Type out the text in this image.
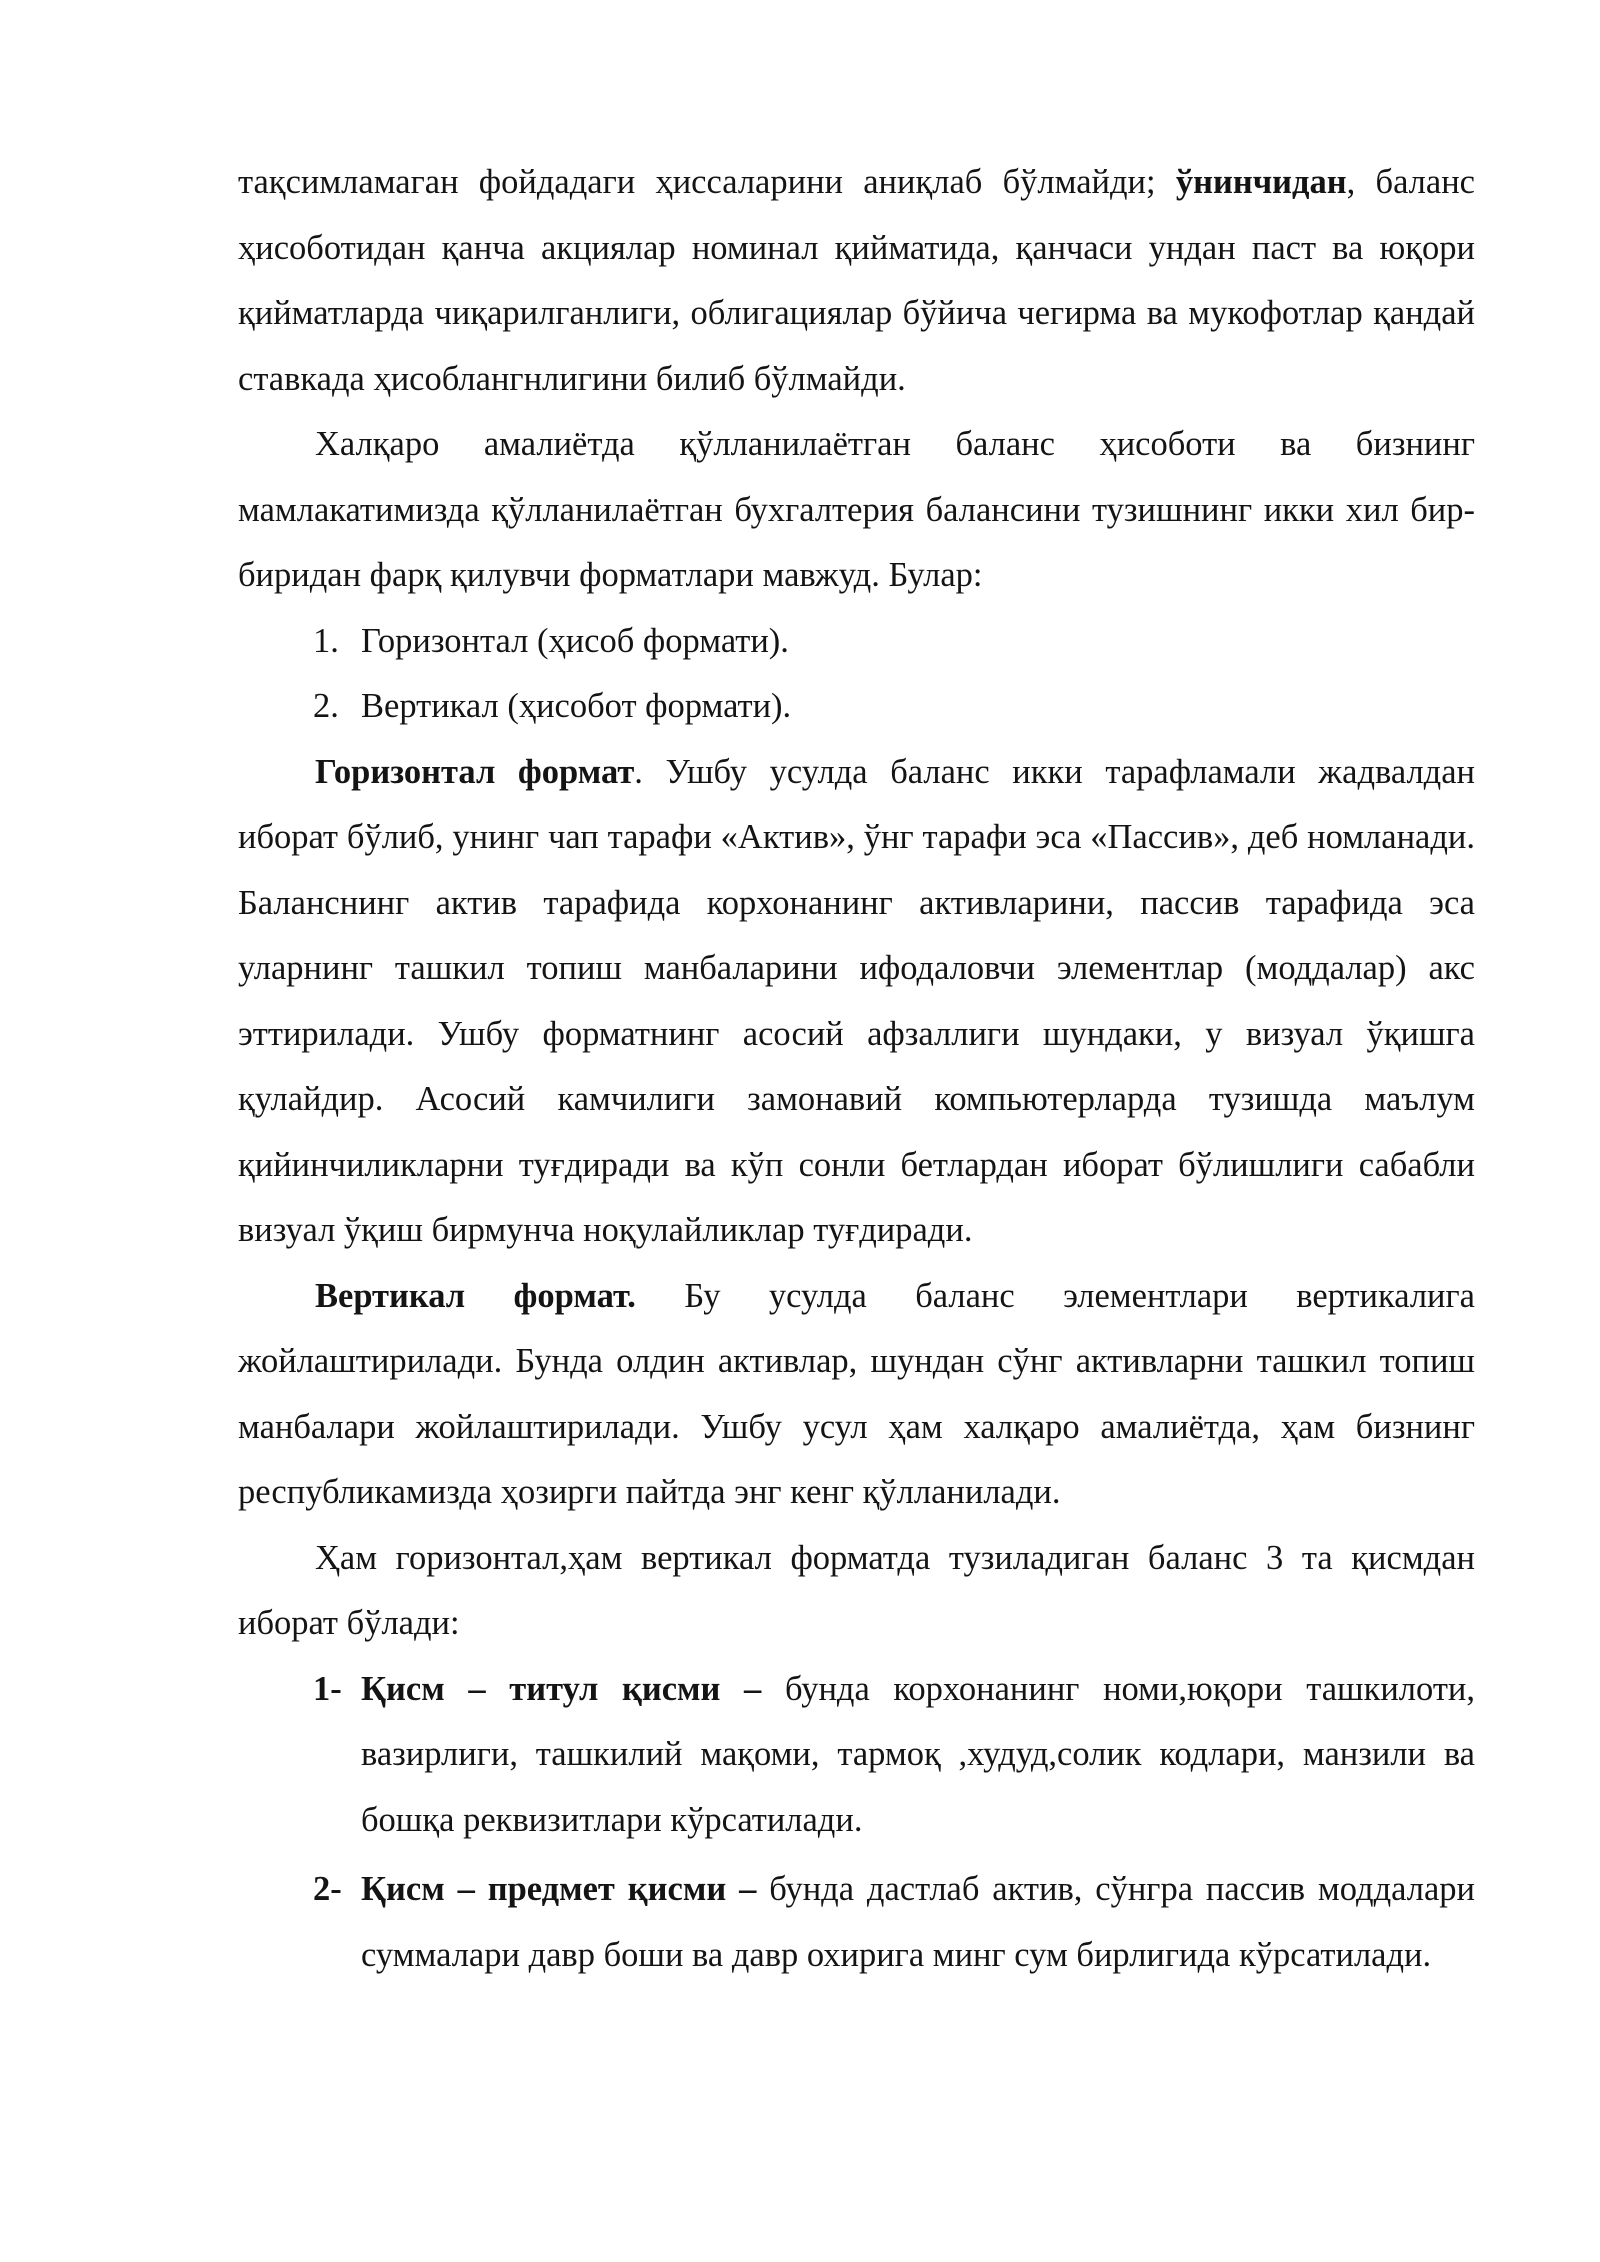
тақсимламаган фойдадаги ҳиссаларини аниқлаб бўлмайди; ўнинчидан, баланс ҳисоботидан қанча акциялар номинал қийматида, қанчаси ундан паст ва юқори қийматларда чиқарилганлиги, облигациялар бўйича чегирма ва мукофотлар қандай ставкада ҳисоблангнлигини билиб бўлмайди.

Халқаро амалиётда қўлланилаётган баланс ҳисоботи ва бизнинг мамлакатимизда қўлланилаётган бухгалтерия балансини тузишнинг икки хил бир-биридан фарқ қилувчи форматлари мавжуд. Булар:

1. Горизонтал (ҳисоб формати).
2. Вертикал (ҳисобот формати).

Горизонтал формат. Ушбу усулда баланс икки тарафламали жадвалдан иборат бўлиб, унинг чап тарафи «Актив», ўнг тарафи эса «Пассив», деб номланади. Баланснинг актив тарафида корхонанинг активларини, пассив тарафида эса уларнинг ташкил топиш манбаларини ифодаловчи элементлар (моддалар) акс эттирилади. Ушбу форматнинг асосий афзаллиги шундаки, у визуал ўқишга қулайдир. Асосий камчилиги замонавий компьютерларда тузишда маълум қийинчиликларни туғдиради ва кўп сонли бетлардан иборат бўлишлиги сабабли визуал ўқиш бирмунча ноқулайликлар туғдиради.

Вертикал формат. Бу усулда баланс элементлари вертикалига жойлаштирилади. Бунда олдин активлар, шундан сўнг активларни ташкил топиш манбалари жойлаштирилади. Ушбу усул ҳам халқаро амалиётда, ҳам бизнинг республикамизда ҳозирги пайтда энг кенг қўлланилади.

Ҳам горизонтал,ҳам вертикал форматда тузиладиган баланс 3 та қисмдан иборат бўлади:

1- Қисм – титул қисми – бунда корхонанинг номи,юқори ташкилоти, вазирлиги, ташкилий мақоми, тармоқ ,худуд,солик кодлари, манзили ва бошқа реквизитлари кўрсатилади.
2- Қисм – предмет қисми – бунда дастлаб актив, сўнгра пассив моддалари суммалари давр боши ва давр охирига минг сум бирлигида кўрсатилади.
